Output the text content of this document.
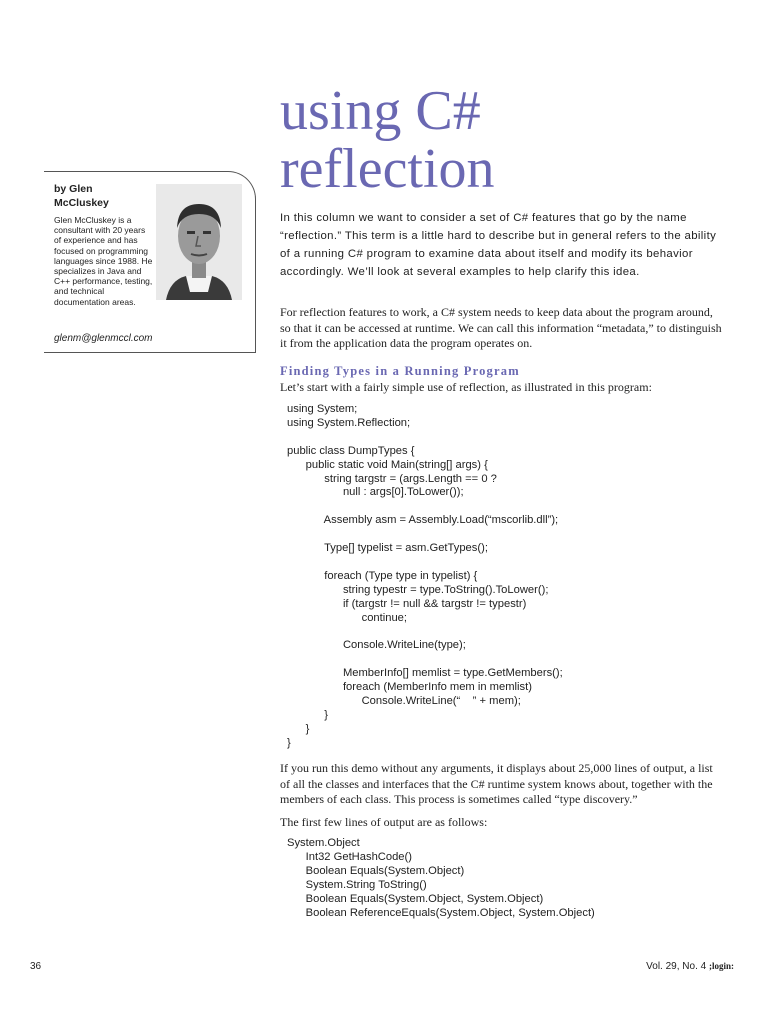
using C#
reflection

by Glen McCluskey

Glen McCluskey is a consultant with 20 years of experience and has focused on programming languages since 1988. He specializes in Java and C++ performance, testing, and technical documentation areas.

glenm@glenmccl.com

In this column we want to consider a set of C# features that go by the name “reflection.” This term is a little hard to describe but in general refers to the ability of a running C# program to examine data about itself and modify its behavior accordingly. We’ll look at several examples to help clarify this idea.

For reflection features to work, a C# system needs to keep data about the program around, so that it can be accessed at runtime. We can call this information “metadata,” to distinguish it from the application data the program operates on.

Finding Types in a Running Program

Let’s start with a fairly simple use of reflection, as illustrated in this program:

using System;
using System.Reflection;

public class DumpTypes {
public static void Main(string[] args) {
string targstr = (args.Length == 0 ?
null : args[0].ToLower());

Assembly asm = Assembly.Load(“mscorlib.dll”);

Type[] typelist = asm.GetTypes();

foreach (Type type in typelist) {
string typestr = type.ToString().ToLower();
if (targstr != null && targstr != typestr)
continue;

Console.WriteLine(type);

MemberInfo[] memlist = type.GetMembers();
foreach (MemberInfo mem in memlist)
Console.WriteLine(“    ” + mem);
}
}
}

If you run this demo without any arguments, it displays about 25,000 lines of output, a list of all the classes and interfaces that the C# runtime system knows about, together with the members of each class. This process is sometimes called “type discovery.”

The first few lines of output are as follows:

System.Object
Int32 GetHashCode()
Boolean Equals(System.Object)
System.String ToString()
Boolean Equals(System.Object, System.Object)
Boolean ReferenceEquals(System.Object, System.Object)

36	Vol. 29, No. 4 ;login:
